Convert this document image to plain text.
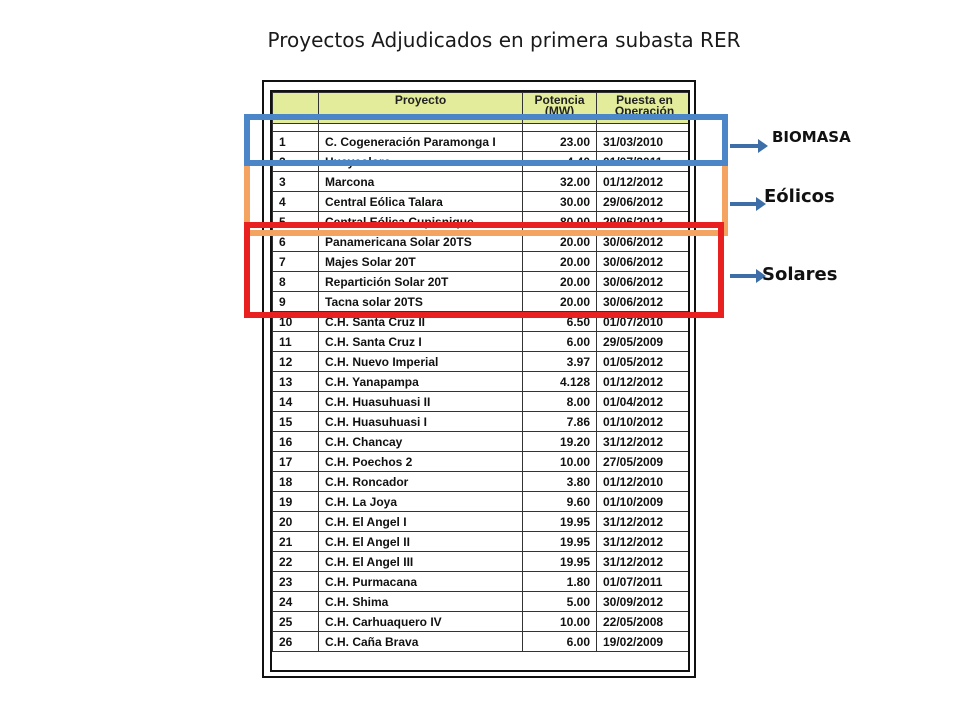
Proyectos Adjudicados en primera subasta RER

	Proyecto	Potencia (MW)	Puesta en Operación

1	C. Cogeneración Paramonga I	23.00	31/03/2010
2	Huaycoloro	4.40	01/07/2011
3	Marcona	32.00	01/12/2012
4	Central Eólica Talara	30.00	29/06/2012
5	Central Eólica Cupisnique	80.00	29/06/2012
6	Panamericana Solar 20TS	20.00	30/06/2012
7	Majes Solar 20T	20.00	30/06/2012
8	Repartición Solar 20T	20.00	30/06/2012
9	Tacna solar 20TS	20.00	30/06/2012
10	C.H. Santa Cruz II	6.50	01/07/2010
11	C.H. Santa Cruz I	6.00	29/05/2009
12	C.H. Nuevo Imperial	3.97	01/05/2012
13	C.H. Yanapampa	4.128	01/12/2012
14	C.H. Huasuhuasi II	8.00	01/04/2012
15	C.H. Huasuhuasi I	7.86	01/10/2012
16	C.H. Chancay	19.20	31/12/2012
17	C.H. Poechos 2	10.00	27/05/2009
18	C.H. Roncador	3.80	01/12/2010
19	C.H. La Joya	9.60	01/10/2009
20	C.H. El Angel I	19.95	31/12/2012
21	C.H. El Angel II	19.95	31/12/2012
22	C.H. El Angel III	19.95	31/12/2012
23	C.H. Purmacana	1.80	01/07/2011
24	C.H. Shima	5.00	30/09/2012
25	C.H. Carhuaquero IV	10.00	22/05/2008
26	C.H. Caña Brava	6.00	19/02/2009
BIOMASA
Eólicos
Solares
